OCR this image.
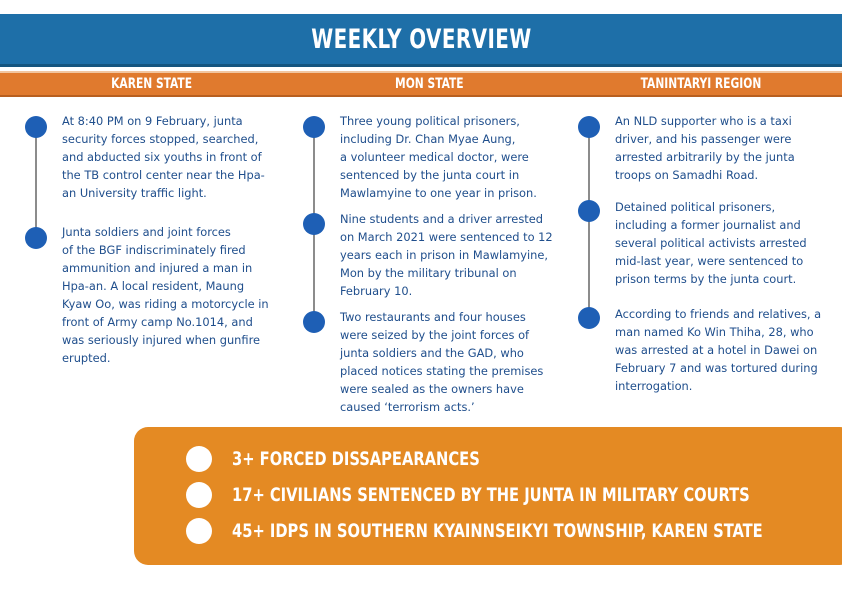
WEEKLY OVERVIEW
KAREN STATE	MON STATE	TANINTARYI REGION
At 8:40 PM on 9 February, junta
security forces stopped, searched,
and abducted six youths in front of
the TB control center near the Hpa-
an University traffic light.
Junta soldiers and joint forces
of the BGF indiscriminately fired
ammunition and injured a man in
Hpa-an. A local resident, Maung
Kyaw Oo, was riding a motorcycle in
front of Army camp No.1014, and
was seriously injured when gunfire
erupted.
Three young political prisoners,
including Dr. Chan Myae Aung,
a volunteer medical doctor, were
sentenced by the junta court in
Mawlamyine to one year in prison.
Nine students and a driver arrested
on March 2021 were sentenced to 12
years each in prison in Mawlamyine,
Mon by the military tribunal on
February 10.
Two restaurants and four houses
were seized by the joint forces of
junta soldiers and the GAD, who
placed notices stating the premises
were sealed as the owners have
caused ‘terrorism acts.’
An NLD supporter who is a taxi
driver, and his passenger were
arrested arbitrarily by the junta
troops on Samadhi Road.
Detained political prisoners,
including a former journalist and
several political activists arrested
mid-last year, were sentenced to
prison terms by the junta court.
According to friends and relatives, a
man named Ko Win Thiha, 28, who
was arrested at a hotel in Dawei on
February 7 and was tortured during
interrogation.
3+ FORCED DISSAPEARANCES
17+ CIVILIANS SENTENCED BY THE JUNTA IN MILITARY COURTS
45+ IDPS IN SOUTHERN KYAINNSEIKYI TOWNSHIP, KAREN STATE
